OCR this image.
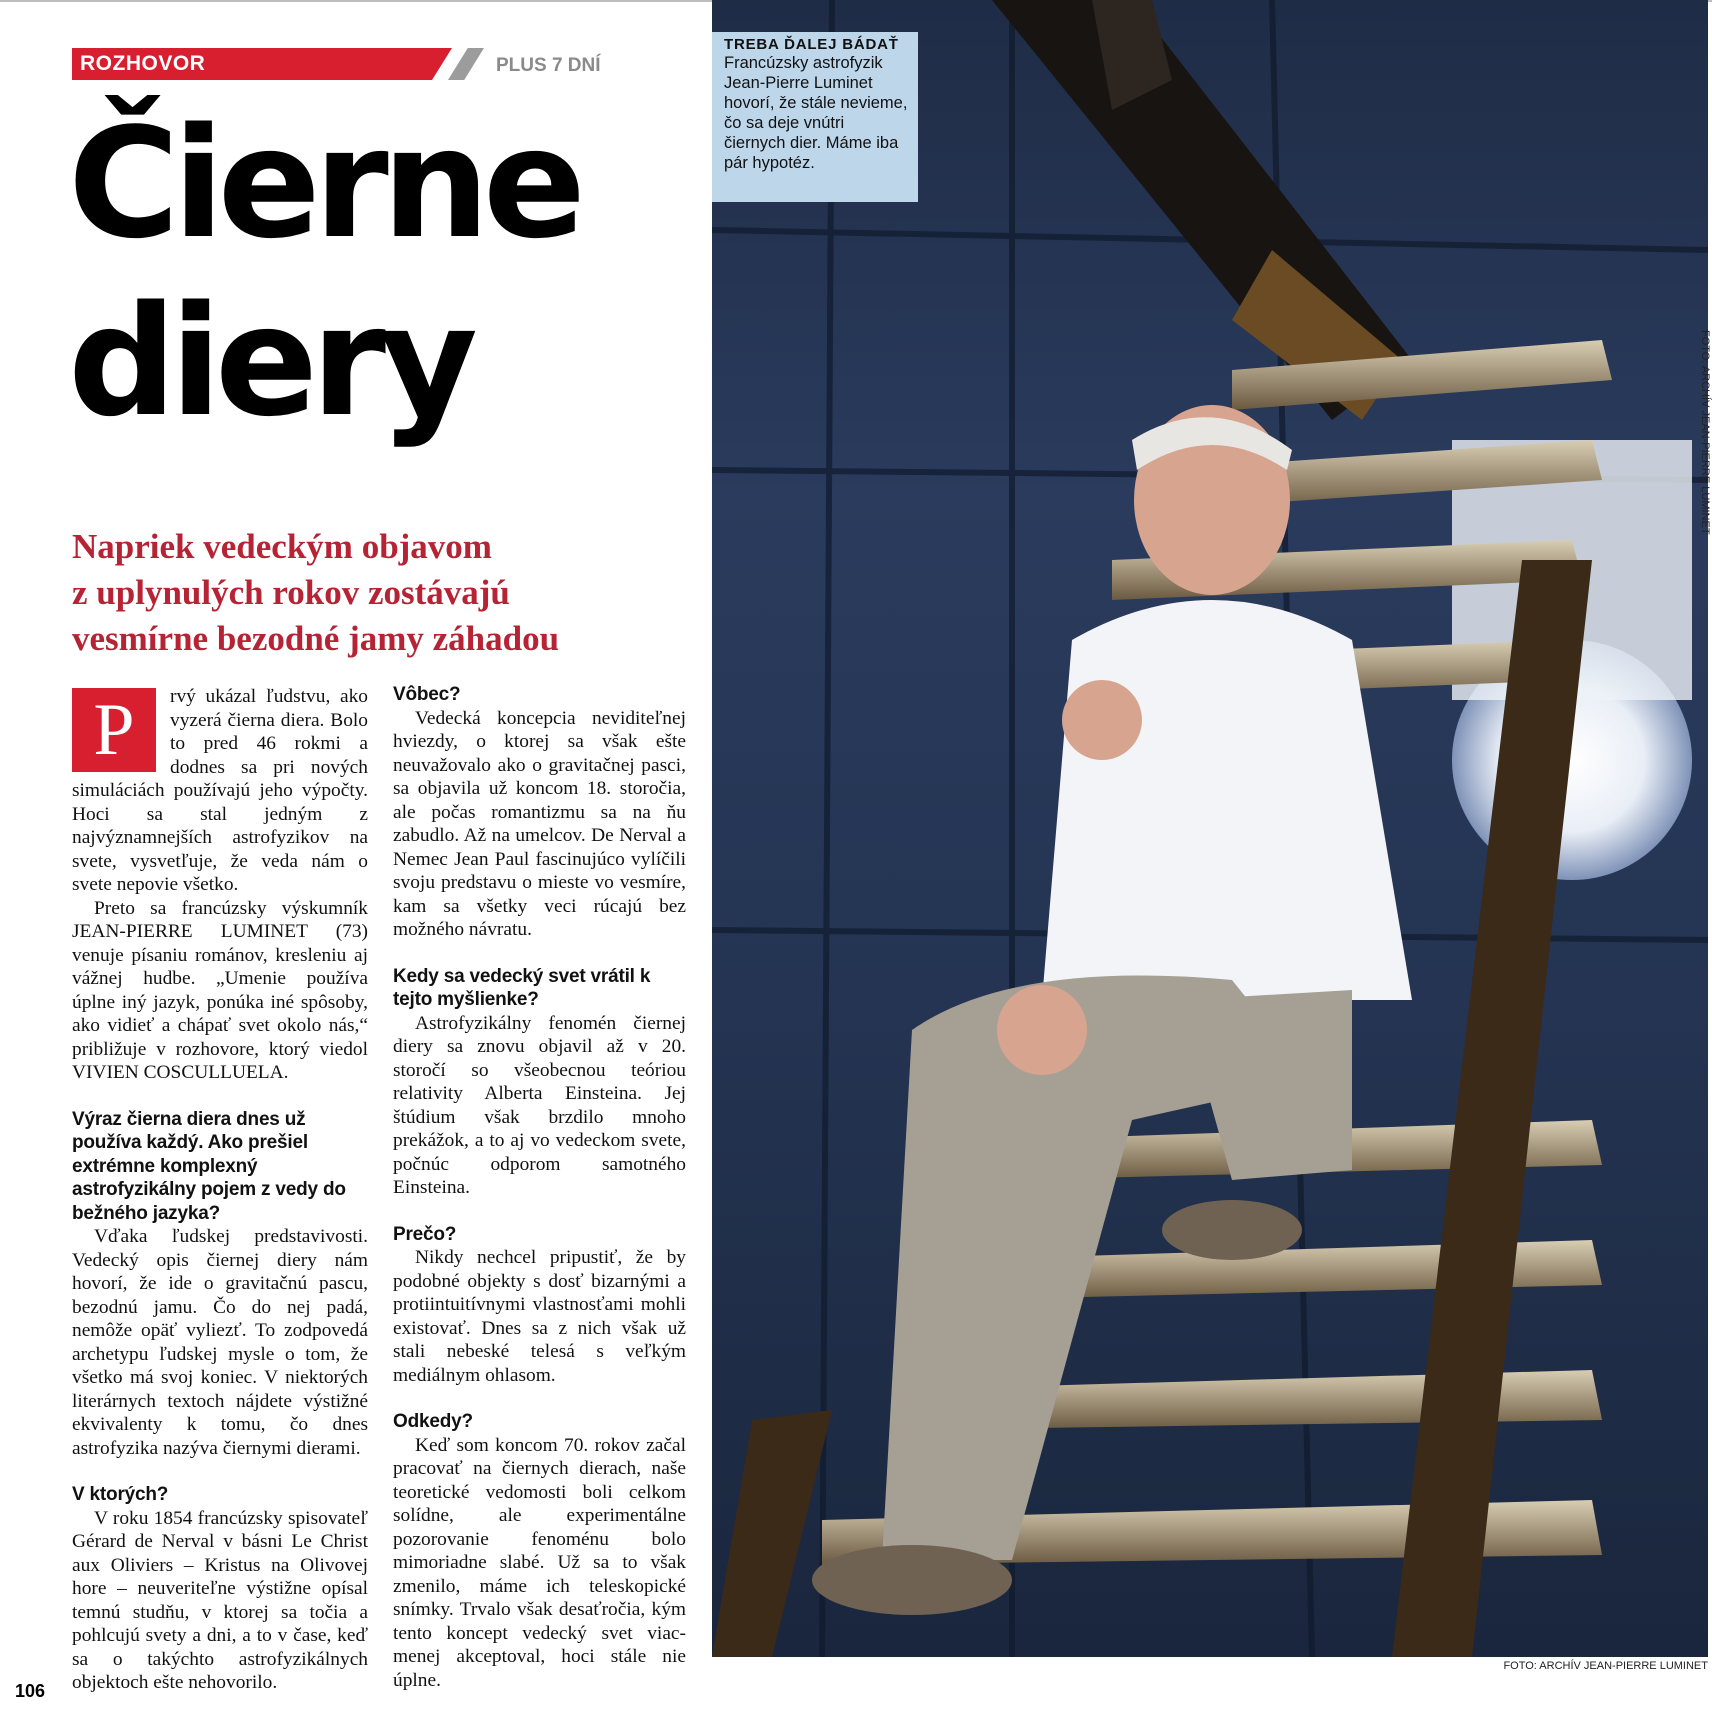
ROZHOVOR	PLUS 7 DNÍ
Čierne
diery
Napriek vedeckým objavom
z uplynulých rokov zostávajú
vesmírne bezodné jamy záhadou
P	rvý ukázal ľudstvu, ako vyzerá čierna diera. Bolo to pred 46 rokmi a dodnes sa pri nových simuláciách používajú jeho výpočty. Hoci sa stal jedným z najvýznamnejších astrofyzikov na svete, vysvetľuje, že veda nám o svete nepovie všetko.

Preto sa francúzsky výskumník JEAN-PIERRE LUMINET (73) venuje písaniu románov, kresleniu aj vážnej hudbe. „Umenie používa úplne iný jazyk, ponúka iné spôsoby, ako vidieť a chápať svet okolo nás,“ približuje v rozhovore, ktorý viedol VIVIEN COSCULLUELA.

Výraz čierna diera dnes už používa každý. Ako prešiel extrémne komplexný astrofyzikálny pojem z vedy do bežného jazyka?

Vďaka ľudskej predstavivosti. Vedecký opis čiernej diery nám hovorí, že ide o gravitačnú pascu, bezodnú jamu. Čo do nej padá, nemôže opäť vyliezť. To zodpovedá archetypu ľudskej mysle o tom, že všetko má svoj koniec. V niektorých literárnych textoch nájdete výstižné ekvivalenty k tomu, čo dnes astrofyzika nazýva čiernymi dierami.

V ktorých?

V roku 1854 francúzsky spisovateľ Gérard de Nerval v básni Le Christ aux Oliviers – Kristus na Olivovej hore – neuveriteľne výstižne opísal temnú studňu, v ktorej sa točia a pohlcujú svety a dni, a to v čase, keď sa o takýchto astrofyzikálnych objektoch ešte nehovorilo.

Vôbec?

Vedecká koncepcia neviditeľnej hviezdy, o ktorej sa však ešte neuvažovalo ako o gravitačnej pasci, sa objavila už koncom 18. storočia, ale počas romantizmu sa na ňu zabudlo. Až na umelcov. De Nerval a Nemec Jean Paul fascinujúco vylíčili svoju predstavu o mieste vo vesmíre, kam sa všetky veci rúcajú bez možného návratu.

Kedy sa vedecký svet vrátil k tejto myšlienke?

Astrofyzikálny fenomén čiernej diery sa znovu objavil až v 20. storočí so všeobecnou teóriou relativity Alberta Einsteina. Jej štúdium však brzdilo mnoho prekážok, a to aj vo vedeckom svete, počnúc odporom samotného Einsteina.

Prečo?

Nikdy nechcel pripustiť, že by podobné objekty s dosť bizarnými a protiintuitívnymi vlastnosťami mohli existovať. Dnes sa z nich však už stali nebeské telesá s veľkým mediálnym ohlasom.

Odkedy?

Keď som koncom 70. rokov začal pracovať na čiernych dierach, naše teoretické vedomosti boli celkom solídne, ale experimentálne pozorovanie fenoménu bolo mimoriadne slabé. Už sa to však zmenilo, máme ich teleskopické snímky. Trvalo však desaťročia, kým tento koncept vedecký svet viac-menej akceptoval, hoci stále nie úplne.

TREBA ĎALEJ BÁDAŤ

Francúzsky astrofyzik Jean-Pierre Luminet hovorí, že stále nevieme, čo sa deje vnútri čiernych dier. Máme iba pár hypotéz.

FOTO: ARCHÍV JEAN-PIERRE LUMINET
FOTO: ARCHÍV JEAN-PIERRE LUMINET
106
